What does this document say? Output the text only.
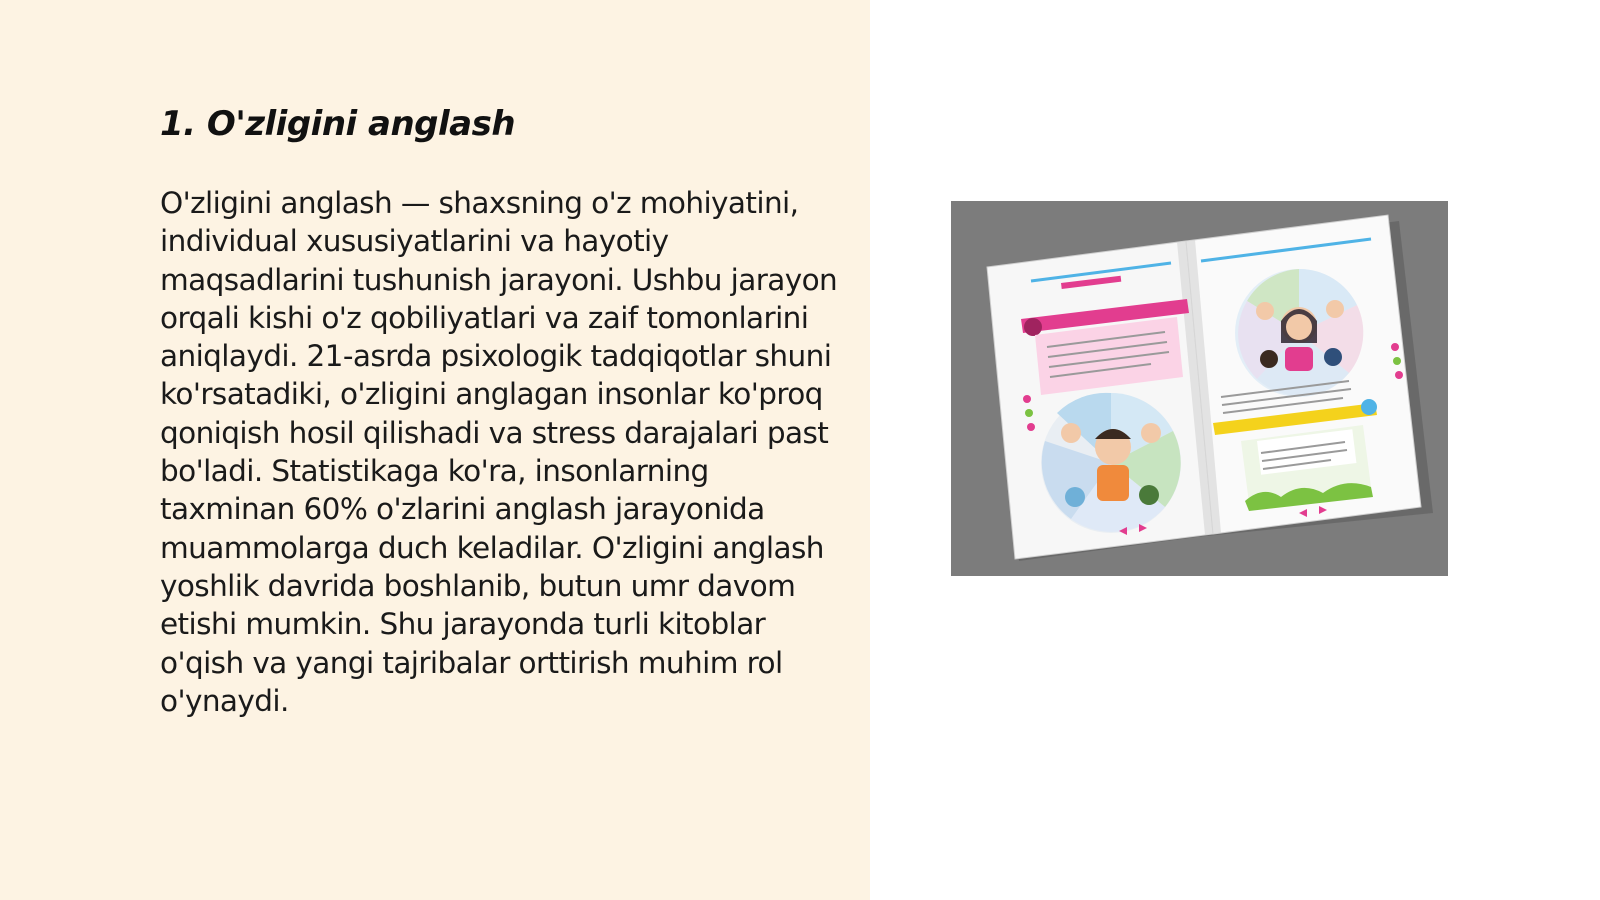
1. O'zligini anglash

O'zligini anglash — shaxsning o'z mohiyatini, individual xususiyatlarini va hayotiy maqsadlarini tushunish jarayoni. Ushbu jarayon orqali kishi o'z qobiliyatlari va zaif tomonlarini aniqlaydi. 21-asrda psixologik tadqiqotlar shuni ko'rsatadiki, o'zligini anglagan insonlar ko'proq qoniqish hosil qilishadi va stress darajalari past bo'ladi. Statistikaga ko'ra, insonlarning taxminan 60% o'zlarini anglash jarayonida muammolarga duch keladilar. O'zligini anglash yoshlik davrida boshlanib, butun umr davom etishi mumkin. Shu jarayonda turli kitoblar o'qish va yangi tajribalar orttirish muhim rol o'ynaydi.
